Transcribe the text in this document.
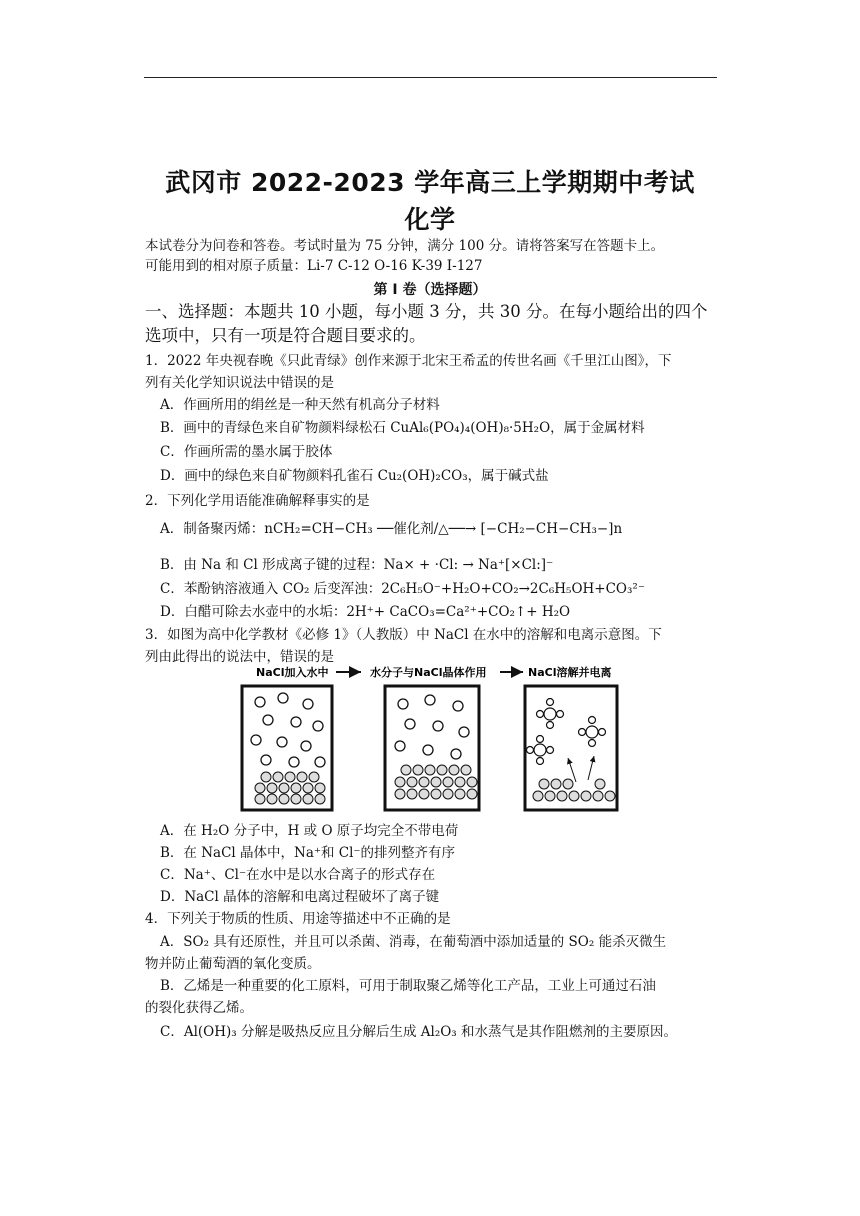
武冈市 2022-2023 学年高三上学期期中考试
化学
本试卷分为问卷和答卷。考试时量为 75 分钟，满分 100 分。请将答案写在答题卡上。
可能用到的相对原子质量：Li-7 C-12 O-16 K-39 I-127
第 I 卷（选择题）
一、选择题：本题共 10 小题，每小题 3 分，共 30 分。在每小题给出的四个
选项中，只有一项是符合题目要求的。
1．2022 年央视春晚《只此青绿》创作来源于北宋王希孟的传世名画《千里江山图》，下
列有关化学知识说法中错误的是
A．作画所用的绢丝是一种天然有机高分子材料
B．画中的青绿色来自矿物颜料绿松石 CuAl₆(PO₄)₄(OH)₈·5H₂O，属于金属材料
C．作画所需的墨水属于胶体
D．画中的绿色来自矿物颜料孔雀石 Cu₂(OH)₂CO₃，属于碱式盐
2．下列化学用语能准确解释事实的是
A．制备聚丙烯：nCH₂=CH−CH₃ ──催化剂/△──→ [−CH₂−CH−CH₃−]n
B．由 Na 和 Cl 形成离子键的过程：Na× + ·Cl: → Na⁺[×Cl:]⁻
C．苯酚钠溶液通入 CO₂ 后变浑浊：2C₆H₅O⁻+H₂O+CO₂→2C₆H₅OH+CO₃²⁻
D．白醋可除去水壶中的水垢：2H⁺+ CaCO₃=Ca²⁺+CO₂↑+ H₂O
3．如图为高中化学教材《必修 1》（人教版）中 NaCl 在水中的溶解和电离示意图。下
列由此得出的说法中，错误的是
NaCl加入水中	水分子与NaCl晶体作用	NaCl溶解并电离
A．在 H₂O 分子中，H 或 O 原子均完全不带电荷
B．在 NaCl 晶体中，Na⁺和 Cl⁻的排列整齐有序
C．Na⁺、Cl⁻在水中是以水合离子的形式存在
D．NaCl 晶体的溶解和电离过程破坏了离子键
4．下列关于物质的性质、用途等描述中不正确的是
A．SO₂ 具有还原性，并且可以杀菌、消毒，在葡萄酒中添加适量的 SO₂ 能杀灭微生
物并防止葡萄酒的氧化变质。
B．乙烯是一种重要的化工原料，可用于制取聚乙烯等化工产品，工业上可通过石油
的裂化获得乙烯。
C．Al(OH)₃ 分解是吸热反应且分解后生成 Al₂O₃ 和水蒸气是其作阻燃剂的主要原因。
